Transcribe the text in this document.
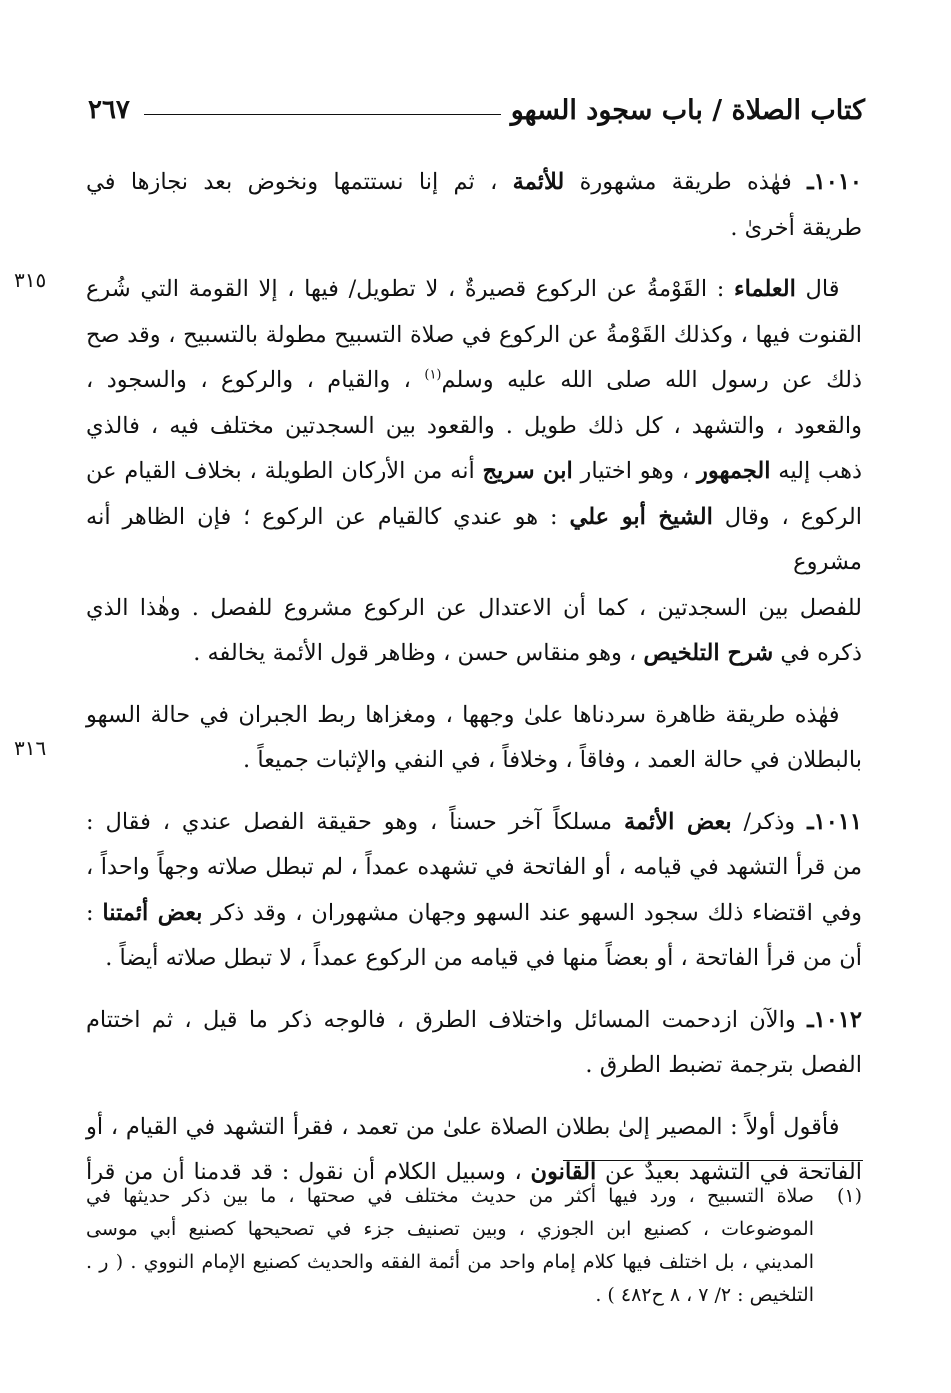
كتاب الصلاة / باب سجود السهو
٢٦٧
٣١٥
٣١٦
١٠١٠ـ فهٰذه طريقة مشهورة للأئمة ، ثم إنا نستتمها ونخوض بعد نجازها في
طريقة أخرىٰ .
 قال العلماء : القَوْمةُ عن الركوع قصيرةٌ ، لا تطويل/ فيها ، إلا القومة التي شُرع
القنوت فيها ، وكذلك القَوْمةُ عن الركوع في صلاة التسبيح مطولة بالتسبيح ، وقد صح
ذلك عن رسول الله صلى الله عليه وسلم$^{(١)}$ ، والقيام ، والركوع ، والسجود ،
والقعود ، والتشهد ، كل ذلك طويل . والقعود بين السجدتين مختلف فيه ، فالذي
ذهب إليه الجمهور ، وهو اختيار ابن سريج أنه من الأركان الطويلة ، بخلاف القيام عن
الركوع ، وقال الشيخ أبو علي : هو عندي كالقيام عن الركوع ؛ فإن الظاهر أنه مشروع
للفصل بين السجدتين ، كما أن الاعتدال عن الركوع مشروع للفصل . وهٰذا الذي
ذكره في شرح التلخيص ، وهو منقاس حسن ، وظاهر قول الأئمة يخالفه .
 فهٰذه طريقة ظاهرة سردناها علىٰ وجهها ، ومغزاها ربط الجبران في حالة السهو
بالبطلان في حالة العمد ، وفاقاً ، وخلافاً ، في النفي والإثبات جميعاً .
١٠١١ـ وذكر/ بعض الأئمة مسلكاً آخر حسناً ، وهو حقيقة الفصل عندي ، فقال :
من قرأ التشهد في قيامه ، أو الفاتحة في تشهده عمداً ، لم تبطل صلاته وجهاً واحداً ،
وفي اقتضاء ذلك سجود السهو عند السهو وجهان مشهوران ، وقد ذكر بعض أئمتنا :
أن من قرأ الفاتحة ، أو بعضاً منها في قيامه من الركوع عمداً ، لا تبطل صلاته أيضاً .
١٠١٢ـ والآن ازدحمت المسائل واختلاف الطرق ، فالوجه ذكر ما قيل ، ثم اختتام
الفصل بترجمة تضبط الطرق .
 فأقول أولاً : المصير إلىٰ بطلان الصلاة علىٰ من تعمد ، فقرأ التشهد في القيام ، أو
الفاتحة في التشهد بعيدٌ عن القانون ، وسبيل الكلام أن نقول : قد قدمنا أن من قرأ
(١)
صلاة التسبيح ، ورد فيها أكثر من حديث مختلف في صحتها ، ما بين ذكر حديثها في
الموضوعات ، كصنيع ابن الجوزي ، وبين تصنيف جزء في تصحيحها كصنيع أبي موسى
المديني ، بل اختلف فيها كلام إمام واحد من أئمة الفقه والحديث كصنيع الإمام النووي . ( ر .
التلخيص : ٢/ ٧ ، ٨ ح٤٨٢ ) .
